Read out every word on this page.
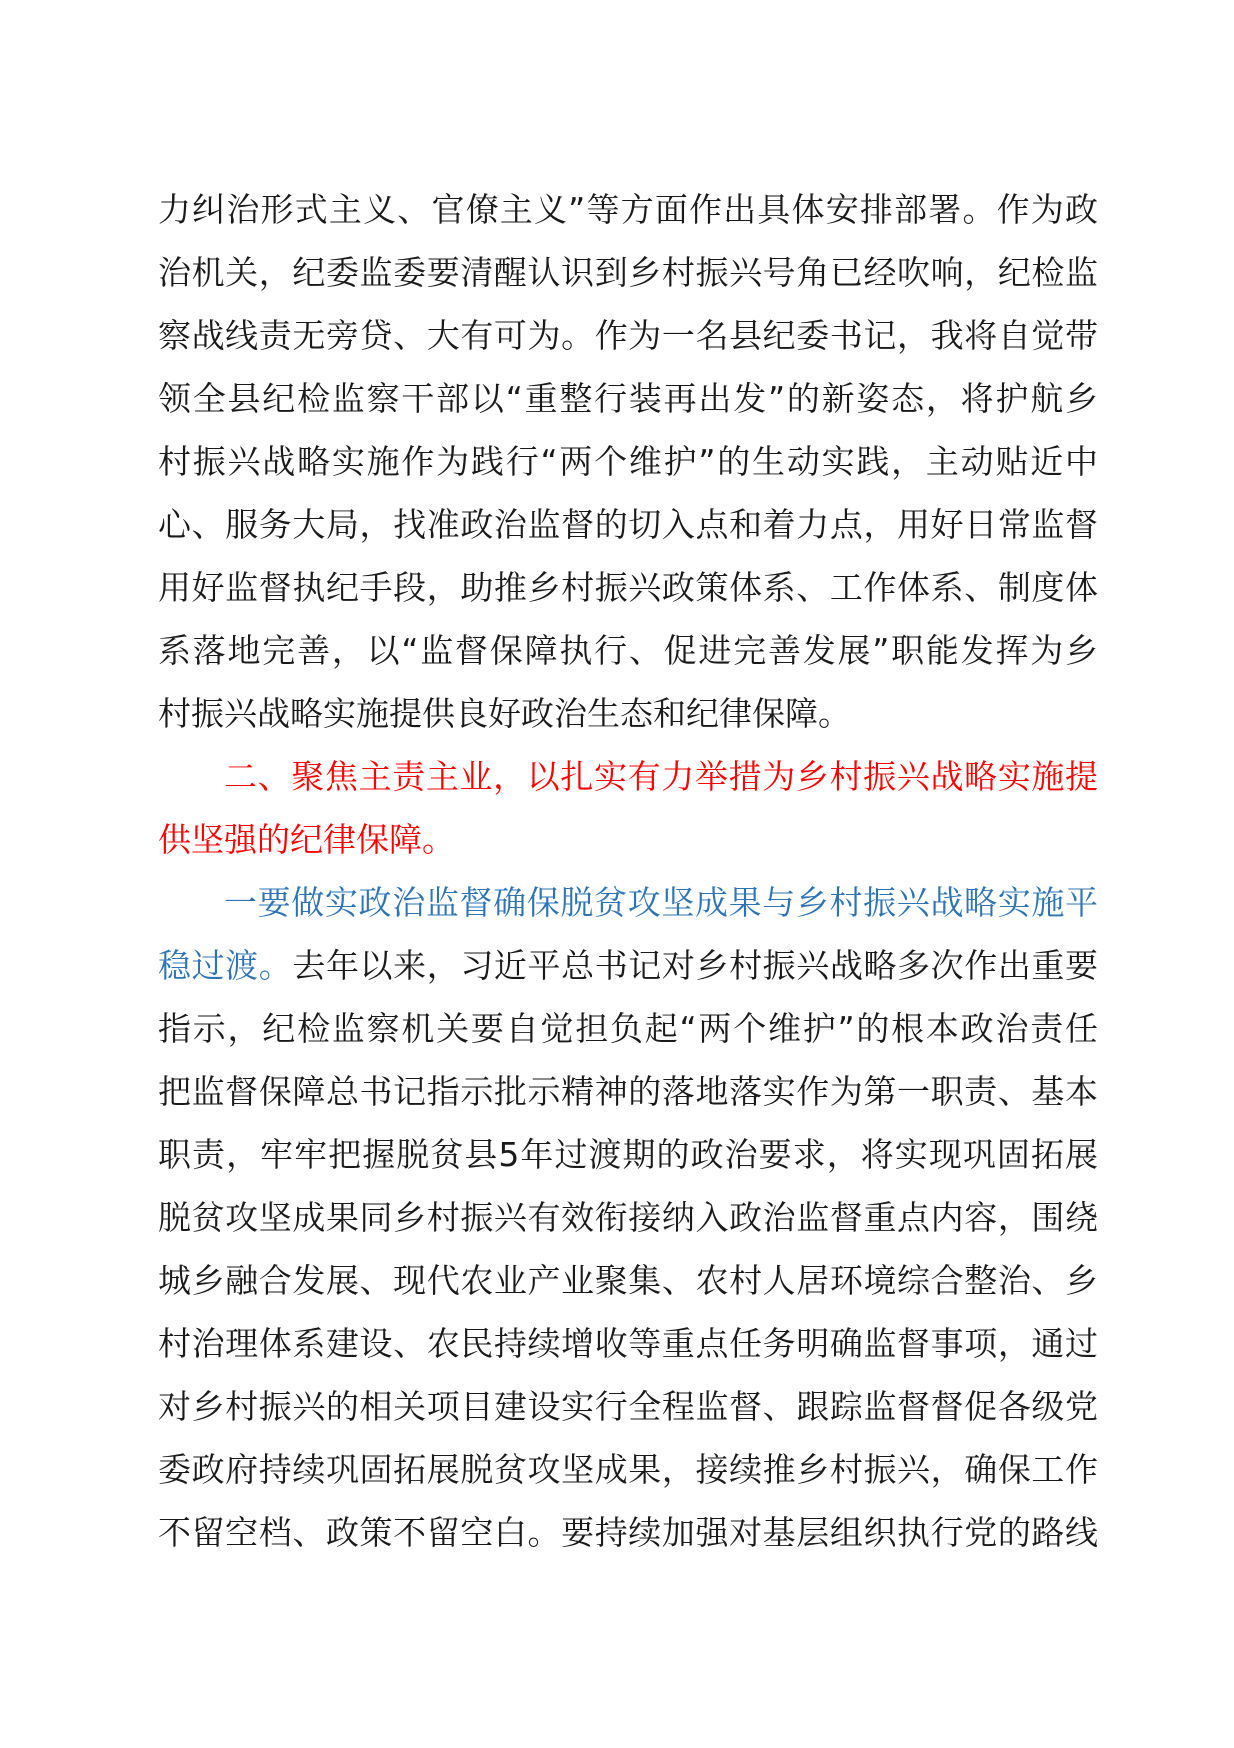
力纠治形式主义、官僚主义”等方面作出具体安排部署。作为政
治机关，纪委监委要清醒认识到乡村振兴号角已经吹响，纪检监
察战线责无旁贷、大有可为。作为一名县纪委书记，我将自觉带
领全县纪检监察干部以“重整行装再出发”的新姿态，将护航乡
村振兴战略实施作为践行“两个维护”的生动实践，主动贴近中
心、服务大局，找准政治监督的切入点和着力点，用好日常监督
用好监督执纪手段，助推乡村振兴政策体系、工作体系、制度体
系落地完善，以“监督保障执行、促进完善发展”职能发挥为乡
村振兴战略实施提供良好政治生态和纪律保障。
二、聚焦主责主业，以扎实有力举措为乡村振兴战略实施提
供坚强的纪律保障。
一要做实政治监督确保脱贫攻坚成果与乡村振兴战略实施平
稳过渡。去年以来，习近平总书记对乡村振兴战略多次作出重要
指示，纪检监察机关要自觉担负起“两个维护”的根本政治责任
把监督保障总书记指示批示精神的落地落实作为第一职责、基本
职责，牢牢把握脱贫县5年过渡期的政治要求，将实现巩固拓展
脱贫攻坚成果同乡村振兴有效衔接纳入政治监督重点内容，围绕
城乡融合发展、现代农业产业聚集、农村人居环境综合整治、乡
村治理体系建设、农民持续增收等重点任务明确监督事项，通过
对乡村振兴的相关项目建设实行全程监督、跟踪监督督促各级党
委政府持续巩固拓展脱贫攻坚成果，接续推乡村振兴，确保工作
不留空档、政策不留空白。要持续加强对基层组织执行党的路线
